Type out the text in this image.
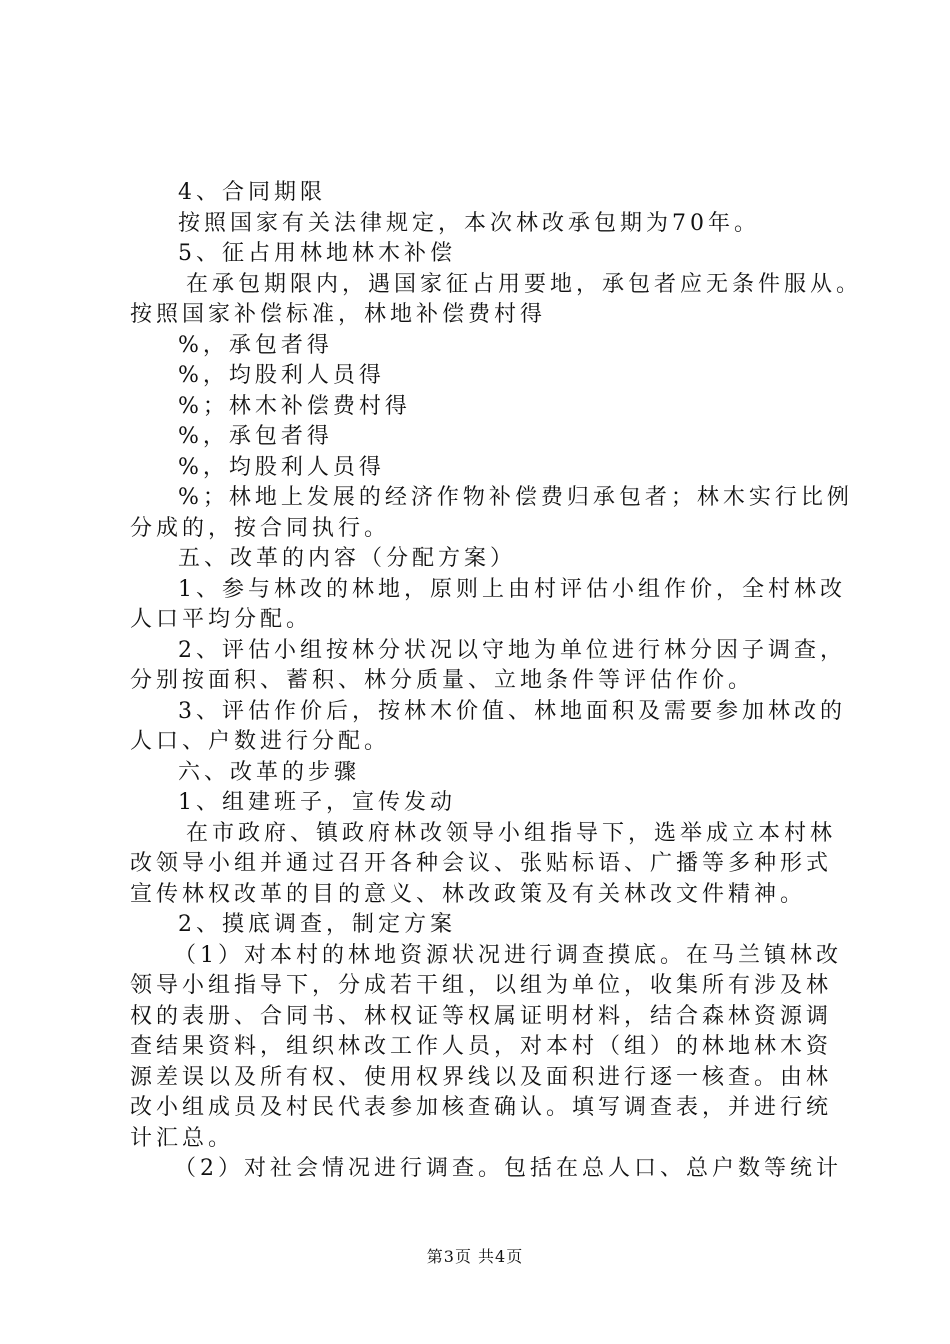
4、合同期限
按照国家有关法律规定，本次林改承包期为70年。
5、征占用林地林木补偿
在承包期限内，遇国家征占用要地，承包者应无条件服从。
按照国家补偿标准，林地补偿费村得
%，承包者得
%，均股利人员得
%；林木补偿费村得
%，承包者得
%，均股利人员得
%；林地上发展的经济作物补偿费归承包者；林木实行比例
分成的，按合同执行。
五、改革的内容（分配方案）
1、参与林改的林地，原则上由村评估小组作价，全村林改
人口平均分配。
2、评估小组按林分状况以守地为单位进行林分因子调查，
分别按面积、蓄积、林分质量、立地条件等评估作价。
3、评估作价后，按林木价值、林地面积及需要参加林改的
人口、户数进行分配。
六、改革的步骤
1、组建班子，宣传发动
在市政府、镇政府林改领导小组指导下，选举成立本村林
改领导小组并通过召开各种会议、张贴标语、广播等多种形式
宣传林权改革的目的意义、林改政策及有关林改文件精神。
2、摸底调查，制定方案
（1）对本村的林地资源状况进行调查摸底。在马兰镇林改
领导小组指导下，分成若干组，以组为单位，收集所有涉及林
权的表册、合同书、林权证等权属证明材料，结合森林资源调
查结果资料，组织林改工作人员，对本村（组）的林地林木资
源差误以及所有权、使用权界线以及面积进行逐一核查。由林
改小组成员及村民代表参加核查确认。填写调查表，并进行统
计汇总。
（2）对社会情况进行调查。包括在总人口、总户数等统计
第3页 共4页
